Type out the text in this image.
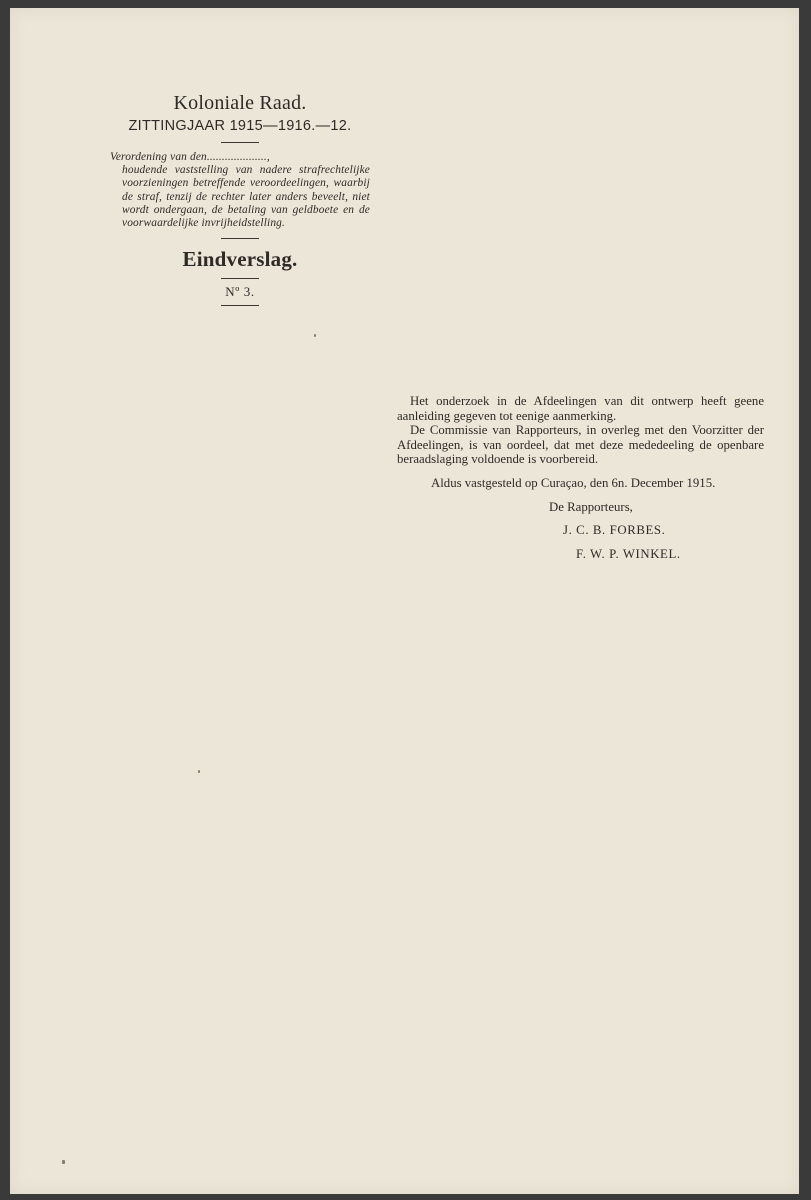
Koloniale Raad.

ZITTINGJAAR 1915—1916.—12.

Verordening van den....................,
houdende vaststelling van nadere strafrechtelijke voorzieningen betreffende veroordeelingen, waarbij de straf, tenzij de rechter later anders beveelt, niet wordt ondergaan, de betaling van geldboete en de voorwaardelijke invrijheidstelling.

Eindverslag.

Nº 3.

Het onderzoek in de Afdeelingen van dit ontwerp heeft geene aanleiding gegeven tot eenige aanmerking.

De Commissie van Rapporteurs, in overleg met den Voorzitter der Afdeelingen, is van oordeel, dat met deze mededeeling de openbare beraadslaging voldoende is voorbereid.

Aldus vastgesteld op Curaçao, den 6n. December 1915.

De Rapporteurs,

J. C. B. FORBES.

F. W. P. WINKEL.
